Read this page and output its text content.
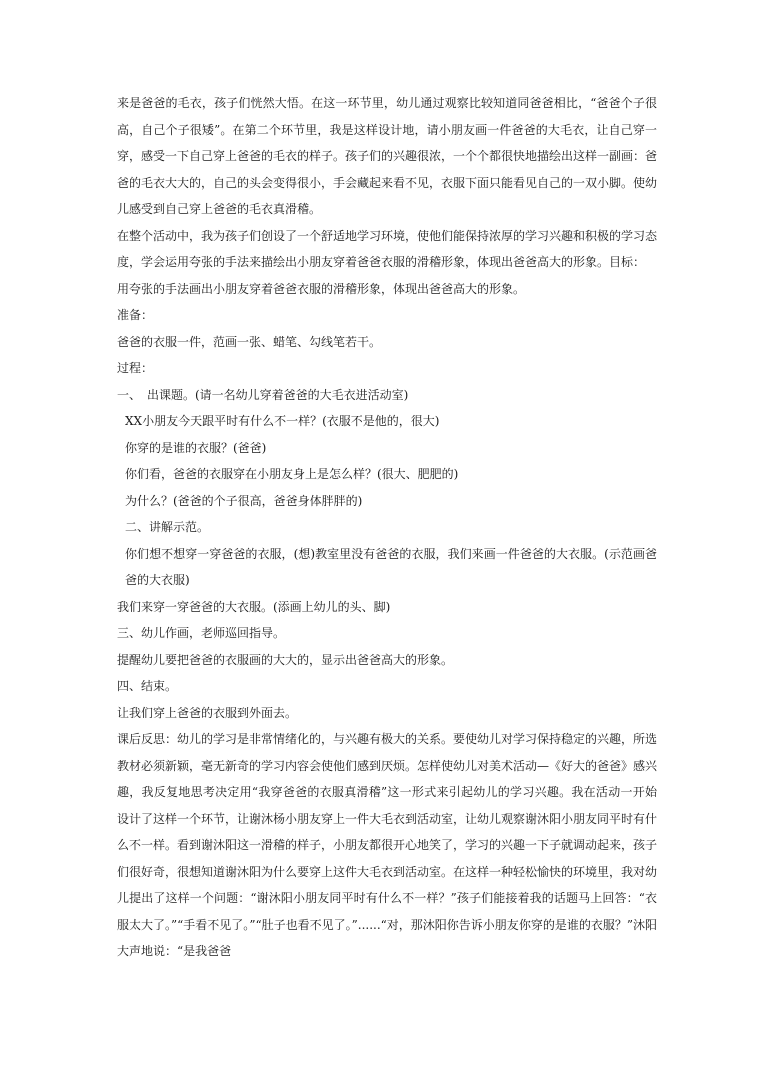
来是爸爸的毛衣，孩子们恍然大悟。在这一环节里，幼儿通过观察比较知道同爸爸相比，“爸爸个子很高，自己个子很矮”。在第二个环节里，我是这样设计地，请小朋友画一件爸爸的大毛衣，让自己穿一穿，感受一下自己穿上爸爸的毛衣的样子。孩子们的兴趣很浓，一个个都很快地描绘出这样一副画：爸爸的毛衣大大的，自己的头会变得很小，手会藏起来看不见，衣服下面只能看见自己的一双小脚。使幼儿感受到自己穿上爸爸的毛衣真滑稽。

在整个活动中，我为孩子们创设了一个舒适地学习环境，使他们能保持浓厚的学习兴趣和积极的学习态度，学会运用夸张的手法来描绘出小朋友穿着爸爸衣服的滑稽形象，体现出爸爸高大的形象。目标：

用夸张的手法画出小朋友穿着爸爸衣服的滑稽形象，体现出爸爸高大的形象。

准备：

爸爸的衣服一件，范画一张、蜡笔、勾线笔若干。

过程：

一、　出课题。(请一名幼儿穿着爸爸的大毛衣进活动室)

XX小朋友今天跟平时有什么不一样？(衣服不是他的，很大)

你穿的是谁的衣服？(爸爸)

你们看，爸爸的衣服穿在小朋友身上是怎么样？(很大、肥肥的)

为什么？(爸爸的个子很高，爸爸身体胖胖的)

二、讲解示范。

你们想不想穿一穿爸爸的衣服，(想)教室里没有爸爸的衣服，我们来画一件爸爸的大衣服。(示范画爸爸的大衣服)

我们来穿一穿爸爸的大衣服。(添画上幼儿的头、脚)

三、幼儿作画，老师巡回指导。

提醒幼儿要把爸爸的衣服画的大大的，显示出爸爸高大的形象。

四、结束。

让我们穿上爸爸的衣服到外面去。

课后反思：幼儿的学习是非常情绪化的，与兴趣有极大的关系。要使幼儿对学习保持稳定的兴趣，所选教材必须新颖，毫无新奇的学习内容会使他们感到厌烦。怎样使幼儿对美术活动—《好大的爸爸》感兴趣，我反复地思考决定用“我穿爸爸的衣服真滑稽”这一形式来引起幼儿的学习兴趣。我在活动一开始设计了这样一个环节，让谢沐杨小朋友穿上一件大毛衣到活动室，让幼儿观察谢沐阳小朋友同平时有什么不一样。看到谢沐阳这一滑稽的样子，小朋友都很开心地笑了，学习的兴趣一下子就调动起来，孩子们很好奇，很想知道谢沐阳为什么要穿上这件大毛衣到活动室。在这样一种轻松愉快的环境里，我对幼儿提出了这样一个问题：“谢沐阳小朋友同平时有什么不一样？”孩子们能接着我的话题马上回答：“衣服太大了。”“手看不见了。”“肚子也看不见了。”......“对，那沐阳你告诉小朋友你穿的是谁的衣服？”沐阳大声地说：“是我爸爸
